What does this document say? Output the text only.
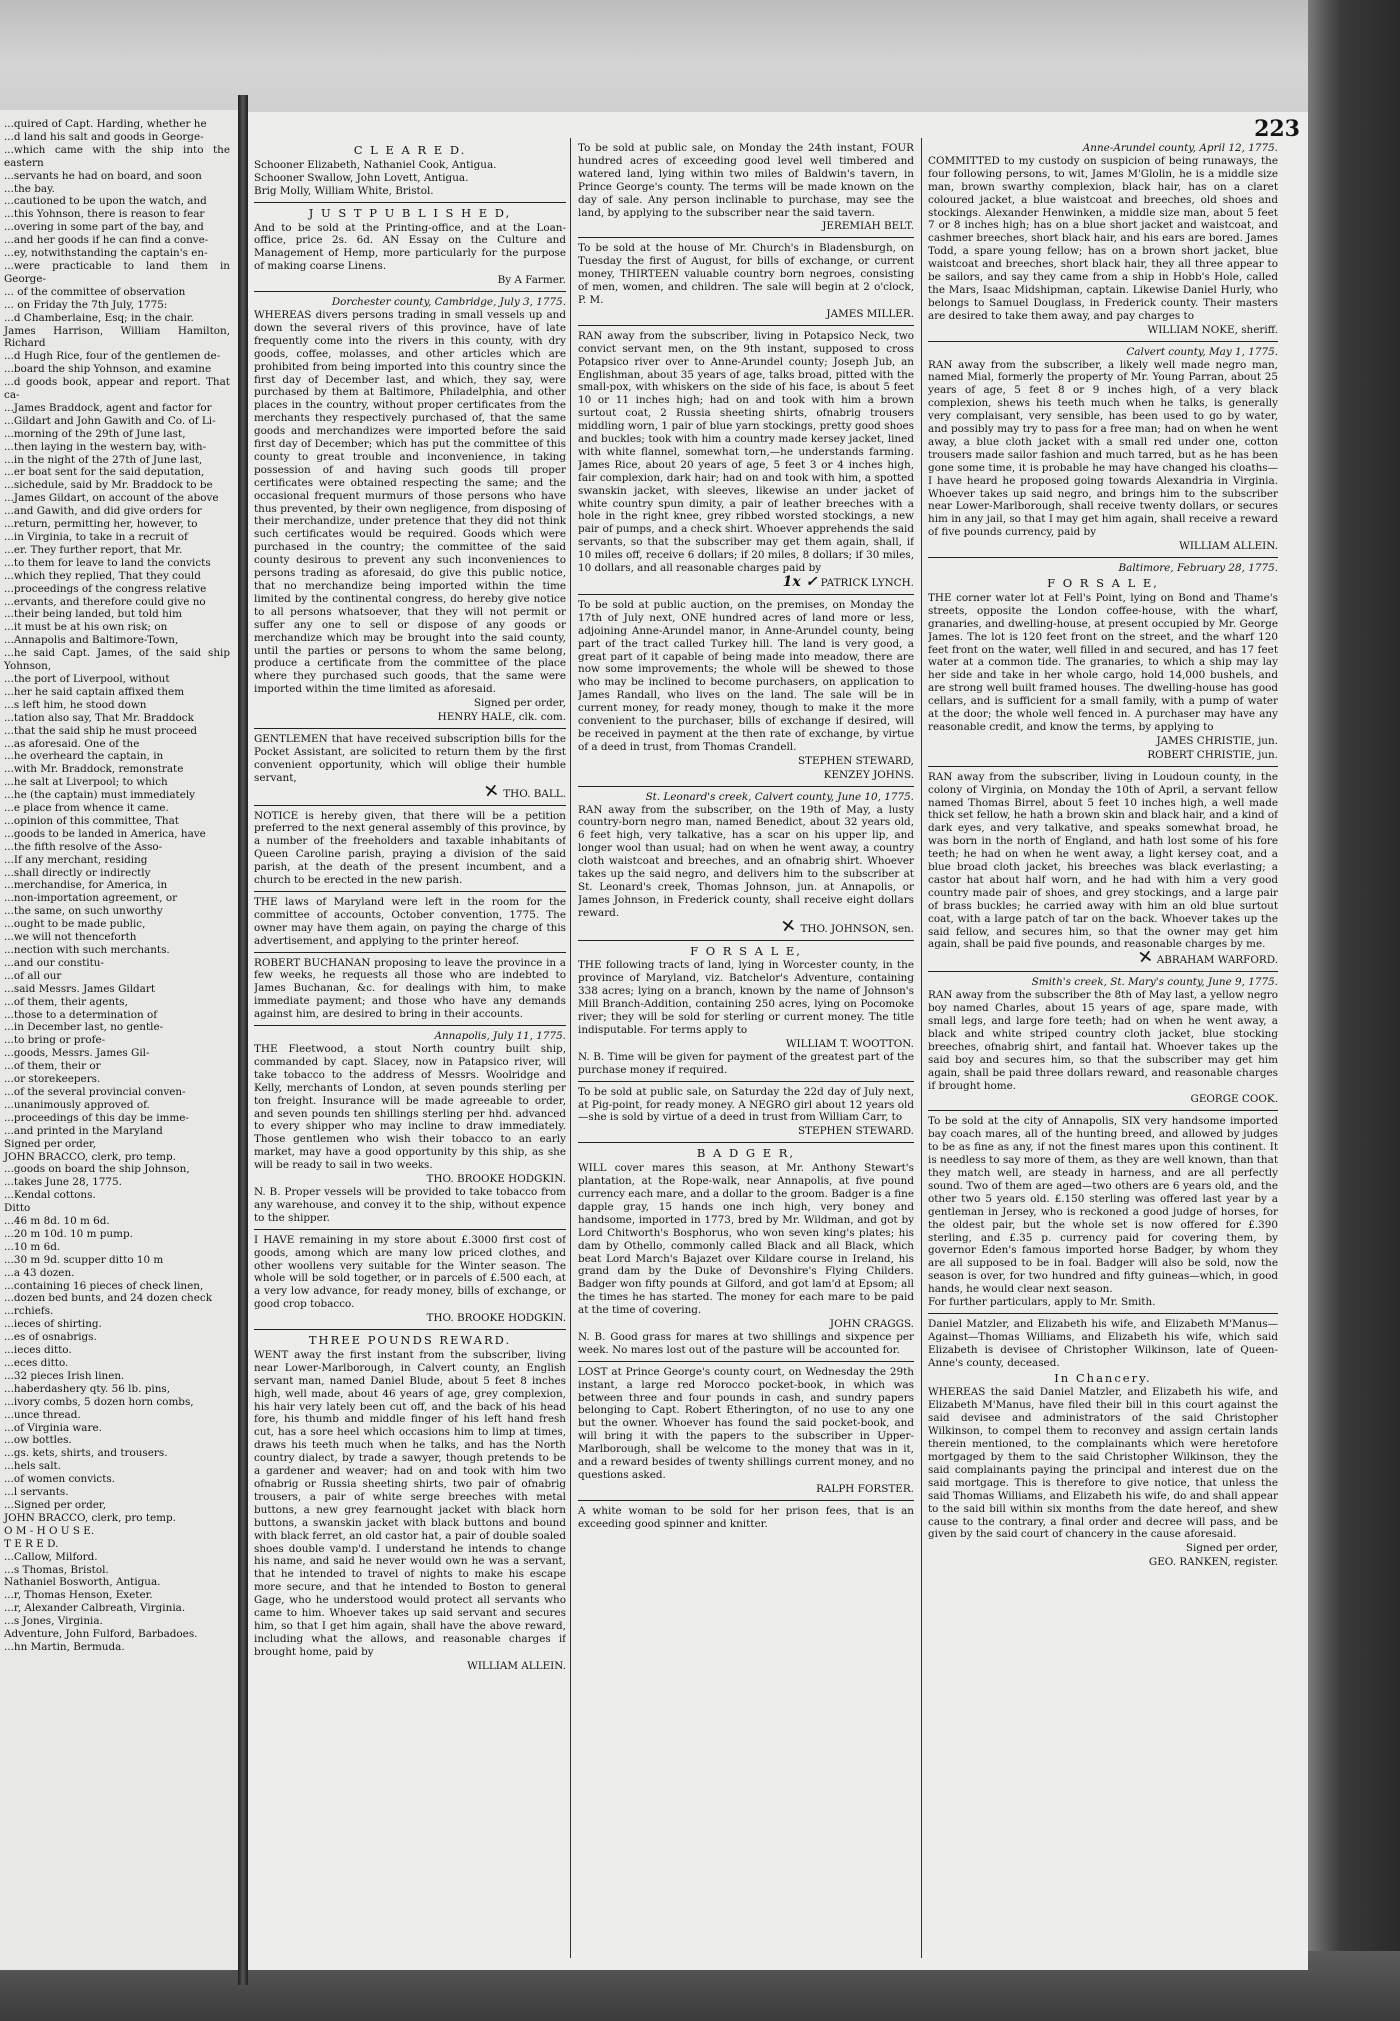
...quired of Capt. Harding, whether he
...d land his salt and goods in George-
...which came with the ship into the eastern
...servants he had on board, and soon
...the bay.
...cautioned to be upon the watch, and
...this Yohnson, there is reason to fear
...overing in some part of the bay, and
...and her goods if he can find a conve-
...ey, notwithstanding the captain's en-
...were practicable to land them in George-
... of the committee of observation
... on Friday the 7th July, 1775:
...d Chamberlaine, Esq; in the chair.
James Harrison, William Hamilton, Richard
...d Hugh Rice, four of the gentlemen de-
...board the ship Yohnson, and examine
...d goods book, appear and report. That ca-
...James Braddock, agent and factor for
...Gildart and John Gawith and Co. of Li-
...morning of the 29th of June last,
...then laying in the western bay, with-
...in the night of the 27th of June last,
...er boat sent for the said deputation,
...sichedule, said by Mr. Braddock to be
...James Gildart, on account of the above
...and Gawith, and did give orders for
...return, permitting her, however, to
...in Virginia, to take in a recruit of
...er. They further report, that Mr.
...to them for leave to land the convicts
...which they replied, That they could
...proceedings of the congress relative
...ervants, and therefore could give no
...their being landed, but told him
...it must be at his own risk; on
...Annapolis and Baltimore-Town,
...he said Capt. James, of the said ship Yohnson,
...the port of Liverpool, without
...her he said captain affixed them
...s left him, he stood down
...tation also say, That Mr. Braddock
...that the said ship he must proceed
...as aforesaid. One of the
...he overheard the captain, in
...with Mr. Braddock, remonstrate
...he salt at Liverpool; to which
...he (the captain) must immediately
...e place from whence it came.
...opinion of this committee, That
...goods to be landed in America, have
...the fifth resolve of the Asso-
...If any merchant, residing
...shall directly or indirectly
...merchandise, for America, in
...non-importation agreement, or
...the same, on such unworthy
...ought to be made public,
...we will not thenceforth
...nection with such merchants.
...and our constitu-
...of all our
...said Messrs. James Gildart
...of them, their agents,
...those to a determination of
...in December last, no gentle-
...to bring or profe-
...goods, Messrs. James Gil-
...of them, their or
...or storekeepers.
...of the several provincial conven-
...unanimously approved of.
...proceedings of this day be imme-
...and printed in the Maryland
Signed per order,
JOHN BRACCO, clerk, pro temp.
...goods on board the ship Johnson,
...takes June 28, 1775.
...Kendal cottons.
Ditto
...46 m 8d. 10 m 6d.
...20 m 10d. 10 m pump.
...10 m 6d.
...30 m 9d. scupper ditto 10 m
...a 43 dozen.
...containing 16 pieces of check linen,
...dozen bed bunts, and 24 dozen check
...rchiefs.
...ieces of shirting.
...es of osnabrigs.
...ieces ditto.
...eces ditto.
...32 pieces Irish linen.
...haberdashery qty. 56 lb. pins,
...ivory combs, 5 dozen horn combs,
...unce thread.
...of Virginia ware.
...ow bottles.
...gs. kets, shirts, and trousers.
...hels salt.
...of women convicts.
...l servants.
...Signed per order,
JOHN BRACCO, clerk, pro temp.
O M - H O U S E.
T E R E D.
...Callow, Milford.
...s Thomas, Bristol.
Nathaniel Bosworth, Antigua.
...r, Thomas Henson, Exeter.
...r, Alexander Calbreath, Virginia.
...s Jones, Virginia.
Adventure, John Fulford, Barbadoes.
...hn Martin, Bermuda.
223

C L E A R E D.

Schooner Elizabeth, Nathaniel Cook, Antigua.

Schooner Swallow, John Lovett, Antigua.

Brig Molly, William White, Bristol.

J U S T P U B L I S H E D,

And to be sold at the Printing-office, and at the Loan-office, price 2s. 6d. AN Essay on the Culture and Management of Hemp, more particularly for the purpose of making coarse Linens.

By A Farmer.

Dorchester county, Cambridge, July 3, 1775.

WHEREAS divers persons trading in small vessels up and down the several rivers of this province, have of late frequently come into the rivers in this county, with dry goods, coffee, molasses, and other articles which are prohibited from being imported into this country since the first day of December last, and which, they say, were purchased by them at Baltimore, Philadelphia, and other places in the country, without proper certificates from the merchants they respectively purchased of, that the same goods and merchandizes were imported before the said first day of December; which has put the committee of this county to great trouble and inconvenience, in taking possession of and having such goods till proper certificates were obtained respecting the same; and the occasional frequent murmurs of those persons who have thus prevented, by their own negligence, from disposing of their merchandize, under pretence that they did not think such certificates would be required. Goods which were purchased in the country; the committee of the said county desirous to prevent any such inconveniences to persons trading as aforesaid, do give this public notice, that no merchandize being imported within the time limited by the continental congress, do hereby give notice to all persons whatsoever, that they will not permit or suffer any one to sell or dispose of any goods or merchandize which may be brought into the said county, until the parties or persons to whom the same belong, produce a certificate from the committee of the place where they purchased such goods, that the same were imported within the time limited as aforesaid.

Signed per order,

HENRY HALE, clk. com.

GENTLEMEN that have received subscription bills for the Pocket Assistant, are solicited to return them by the first convenient opportunity, which will oblige their humble servant,

✕ THO. BALL.

NOTICE is hereby given, that there will be a petition preferred to the next general assembly of this province, by a number of the freeholders and taxable inhabitants of Queen Caroline parish, praying a division of the said parish, at the death of the present incumbent, and a church to be erected in the new parish.

THE laws of Maryland were left in the room for the committee of accounts, October convention, 1775. The owner may have them again, on paying the charge of this advertisement, and applying to the printer hereof.

ROBERT BUCHANAN proposing to leave the province in a few weeks, he requests all those who are indebted to James Buchanan, &c. for dealings with him, to make immediate payment; and those who have any demands against him, are desired to bring in their accounts.

Annapolis, July 11, 1775.

THE Fleetwood, a stout North country built ship, commanded by capt. Slacey, now in Patapsico river, will take tobacco to the address of Messrs. Woolridge and Kelly, merchants of London, at seven pounds sterling per ton freight. Insurance will be made agreeable to order, and seven pounds ten shillings sterling per hhd. advanced to every shipper who may incline to draw immediately. Those gentlemen who wish their tobacco to an early market, may have a good opportunity by this ship, as she will be ready to sail in two weeks.

THO. BROOKE HODGKIN.

N. B. Proper vessels will be provided to take tobacco from any warehouse, and convey it to the ship, without expence to the shipper.

I HAVE remaining in my store about £.3000 first cost of goods, among which are many low priced clothes, and other woollens very suitable for the Winter season. The whole will be sold together, or in parcels of £.500 each, at a very low advance, for ready money, bills of exchange, or good crop tobacco.

THO. BROOKE HODGKIN.

THREE POUNDS REWARD.

WENT away the first instant from the subscriber, living near Lower-Marlborough, in Calvert county, an English servant man, named Daniel Blude, about 5 feet 8 inches high, well made, about 46 years of age, grey complexion, his hair very lately been cut off, and the back of his head fore, his thumb and middle finger of his left hand fresh cut, has a sore heel which occasions him to limp at times, draws his teeth much when he talks, and has the North country dialect, by trade a sawyer, though pretends to be a gardener and weaver; had on and took with him two ofnabrig or Russia sheeting shirts, two pair of ofnabrig trousers, a pair of white serge breeches with metal buttons, a new grey fearnought jacket with black horn buttons, a swanskin jacket with black buttons and bound with black ferret, an old castor hat, a pair of double soaled shoes double vamp'd. I understand he intends to change his name, and said he never would own he was a servant, that he intended to travel of nights to make his escape more secure, and that he intended to Boston to general Gage, who he understood would protect all servants who came to him. Whoever takes up said servant and secures him, so that I get him again, shall have the above reward, including what the allows, and reasonable charges if brought home, paid by

WILLIAM ALLEIN.

To be sold at public sale, on Monday the 24th instant, FOUR hundred acres of exceeding good level well timbered and watered land, lying within two miles of Baldwin's tavern, in Prince George's county. The terms will be made known on the day of sale. Any person inclinable to purchase, may see the land, by applying to the subscriber near the said tavern.

JEREMIAH BELT.

To be sold at the house of Mr. Church's in Bladensburgh, on Tuesday the first of August, for bills of exchange, or current money, THIRTEEN valuable country born negroes, consisting of men, women, and children. The sale will begin at 2 o'clock, P. M.

JAMES MILLER.

RAN away from the subscriber, living in Potapsico Neck, two convict servant men, on the 9th instant, supposed to cross Potapsico river over to Anne-Arundel county; Joseph Jub, an Englishman, about 35 years of age, talks broad, pitted with the small-pox, with whiskers on the side of his face, is about 5 feet 10 or 11 inches high; had on and took with him a brown surtout coat, 2 Russia sheeting shirts, ofnabrig trousers middling worn, 1 pair of blue yarn stockings, pretty good shoes and buckles; took with him a country made kersey jacket, lined with white flannel, somewhat torn,—he understands farming. James Rice, about 20 years of age, 5 feet 3 or 4 inches high, fair complexion, dark hair; had on and took with him, a spotted swanskin jacket, with sleeves, likewise an under jacket of white country spun dimity, a pair of leather breeches with a hole in the right knee, grey ribbed worsted stockings, a new pair of pumps, and a check shirt. Whoever apprehends the said servants, so that the subscriber may get them again, shall, if 10 miles off, receive 6 dollars; if 20 miles, 8 dollars; if 30 miles, 10 dollars, and all reasonable charges paid by

1x ✓ PATRICK LYNCH.

To be sold at public auction, on the premises, on Monday the 17th of July next, ONE hundred acres of land more or less, adjoining Anne-Arundel manor, in Anne-Arundel county, being part of the tract called Turkey hill. The land is very good, a great part of it capable of being made into meadow, there are now some improvements; the whole will be shewed to those who may be inclined to become purchasers, on application to James Randall, who lives on the land. The sale will be in current money, for ready money, though to make it the more convenient to the purchaser, bills of exchange if desired, will be received in payment at the then rate of exchange, by virtue of a deed in trust, from Thomas Crandell.

STEPHEN STEWARD,

KENZEY JOHNS.

St. Leonard's creek, Calvert county, June 10, 1775.

RAN away from the subscriber, on the 19th of May, a lusty country-born negro man, named Benedict, about 32 years old, 6 feet high, very talkative, has a scar on his upper lip, and longer wool than usual; had on when he went away, a country cloth waistcoat and breeches, and an ofnabrig shirt. Whoever takes up the said negro, and delivers him to the subscriber at St. Leonard's creek, Thomas Johnson, jun. at Annapolis, or James Johnson, in Frederick county, shall receive eight dollars reward.

✕ THO. JOHNSON, sen.

F O R S A L E,

THE following tracts of land, lying in Worcester county, in the province of Maryland, viz. Batchelor's Adventure, containing 338 acres; lying on a branch, known by the name of Johnson's Mill Branch-Addition, containing 250 acres, lying on Pocomoke river; they will be sold for sterling or current money. The title indisputable. For terms apply to

WILLIAM T. WOOTTON.

N. B. Time will be given for payment of the greatest part of the purchase money if required.

To be sold at public sale, on Saturday the 22d day of July next, at Pig-point, for ready money. A NEGRO girl about 12 years old—she is sold by virtue of a deed in trust from William Carr, to

STEPHEN STEWARD.

B A D G E R,

WILL cover mares this season, at Mr. Anthony Stewart's plantation, at the Rope-walk, near Annapolis, at five pound currency each mare, and a dollar to the groom. Badger is a fine dapple gray, 15 hands one inch high, very boney and handsome, imported in 1773, bred by Mr. Wildman, and got by Lord Chitworth's Bosphorus, who won seven king's plates; his dam by Othello, commonly called Black and all Black, which beat Lord March's Bajazet over Kildare course in Ireland, his grand dam by the Duke of Devonshire's Flying Childers. Badger won fifty pounds at Gilford, and got lam'd at Epsom; all the times he has started. The money for each mare to be paid at the time of covering.

JOHN CRAGGS.

N. B. Good grass for mares at two shillings and sixpence per week. No mares lost out of the pasture will be accounted for.

LOST at Prince George's county court, on Wednesday the 29th instant, a large red Morocco pocket-book, in which was between three and four pounds in cash, and sundry papers belonging to Capt. Robert Etherington, of no use to any one but the owner. Whoever has found the said pocket-book, and will bring it with the papers to the subscriber in Upper-Marlborough, shall be welcome to the money that was in it, and a reward besides of twenty shillings current money, and no questions asked.

RALPH FORSTER.

A white woman to be sold for her prison fees, that is an exceeding good spinner and knitter.

Anne-Arundel county, April 12, 1775.

COMMITTED to my custody on suspicion of being runaways, the four following persons, to wit, James M'Glolin, he is a middle size man, brown swarthy complexion, black hair, has on a claret coloured jacket, a blue waistcoat and breeches, old shoes and stockings. Alexander Henwinken, a middle size man, about 5 feet 7 or 8 inches high; has on a blue short jacket and waistcoat, and cashmer breeches, short black hair, and his ears are bored. James Todd, a spare young fellow; has on a brown short jacket, blue waistcoat and breeches, short black hair, they all three appear to be sailors, and say they came from a ship in Hobb's Hole, called the Mars, Isaac Midshipman, captain. Likewise Daniel Hurly, who belongs to Samuel Douglass, in Frederick county. Their masters are desired to take them away, and pay charges to

WILLIAM NOKE, sheriff.

Calvert county, May 1, 1775.

RAN away from the subscriber, a likely well made negro man, named Mial, formerly the property of Mr. Young Parran, about 25 years of age, 5 feet 8 or 9 inches high, of a very black complexion, shews his teeth much when he talks, is generally very complaisant, very sensible, has been used to go by water, and possibly may try to pass for a free man; had on when he went away, a blue cloth jacket with a small red under one, cotton trousers made sailor fashion and much tarred, but as he has been gone some time, it is probable he may have changed his cloaths—I have heard he proposed going towards Alexandria in Virginia. Whoever takes up said negro, and brings him to the subscriber near Lower-Marlborough, shall receive twenty dollars, or secures him in any jail, so that I may get him again, shall receive a reward of five pounds currency, paid by

WILLIAM ALLEIN.

Baltimore, February 28, 1775.

F O R S A L E,

THE corner water lot at Fell's Point, lying on Bond and Thame's streets, opposite the London coffee-house, with the wharf, granaries, and dwelling-house, at present occupied by Mr. George James. The lot is 120 feet front on the street, and the wharf 120 feet front on the water, well filled in and secured, and has 17 feet water at a common tide. The granaries, to which a ship may lay her side and take in her whole cargo, hold 14,000 bushels, and are strong well built framed houses. The dwelling-house has good cellars, and is sufficient for a small family, with a pump of water at the door; the whole well fenced in. A purchaser may have any reasonable credit, and know the terms, by applying to

JAMES CHRISTIE, jun.

ROBERT CHRISTIE, jun.

RAN away from the subscriber, living in Loudoun county, in the colony of Virginia, on Monday the 10th of April, a servant fellow named Thomas Birrel, about 5 feet 10 inches high, a well made thick set fellow, he hath a brown skin and black hair, and a kind of dark eyes, and very talkative, and speaks somewhat broad, he was born in the north of England, and hath lost some of his fore teeth; he had on when he went away, a light kersey coat, and a blue broad cloth jacket, his breeches was black everlasting; a castor hat about half worn, and he had with him a very good country made pair of shoes, and grey stockings, and a large pair of brass buckles; he carried away with him an old blue surtout coat, with a large patch of tar on the back. Whoever takes up the said fellow, and secures him, so that the owner may get him again, shall be paid five pounds, and reasonable charges by me.

✕ ABRAHAM WARFORD.

Smith's creek, St. Mary's county, June 9, 1775.

RAN away from the subscriber the 8th of May last, a yellow negro boy named Charles, about 15 years of age, spare made, with small legs, and large fore teeth; had on when he went away, a black and white striped country cloth jacket, blue stocking breeches, ofnabrig shirt, and fantail hat. Whoever takes up the said boy and secures him, so that the subscriber may get him again, shall be paid three dollars reward, and reasonable charges if brought home.

GEORGE COOK.

To be sold at the city of Annapolis, SIX very handsome imported bay coach mares, all of the hunting breed, and allowed by judges to be as fine as any, if not the finest mares upon this continent. It is needless to say more of them, as they are well known, than that they match well, are steady in harness, and are all perfectly sound. Two of them are aged—two others are 6 years old, and the other two 5 years old. £.150 sterling was offered last year by a gentleman in Jersey, who is reckoned a good judge of horses, for the oldest pair, but the whole set is now offered for £.390 sterling, and £.35 p. currency paid for covering them, by governor Eden's famous imported horse Badger, by whom they are all supposed to be in foal. Badger will also be sold, now the season is over, for two hundred and fifty guineas—which, in good hands, he would clear next season.

For further particulars, apply to Mr. Smith.

Daniel Matzler, and Elizabeth his wife, and Elizabeth M'Manus—Against—Thomas Williams, and Elizabeth his wife, which said Elizabeth is devisee of Christopher Wilkinson, late of Queen-Anne's county, deceased.

In Chancery.

WHEREAS the said Daniel Matzler, and Elizabeth his wife, and Elizabeth M'Manus, have filed their bill in this court against the said devisee and administrators of the said Christopher Wilkinson, to compel them to reconvey and assign certain lands therein mentioned, to the complainants which were heretofore mortgaged by them to the said Christopher Wilkinson, they the said complainants paying the principal and interest due on the said mortgage. This is therefore to give notice, that unless the said Thomas Williams, and Elizabeth his wife, do and shall appear to the said bill within six months from the date hereof, and shew cause to the contrary, a final order and decree will pass, and be given by the said court of chancery in the cause aforesaid.

Signed per order,

GEO. RANKEN, register.
